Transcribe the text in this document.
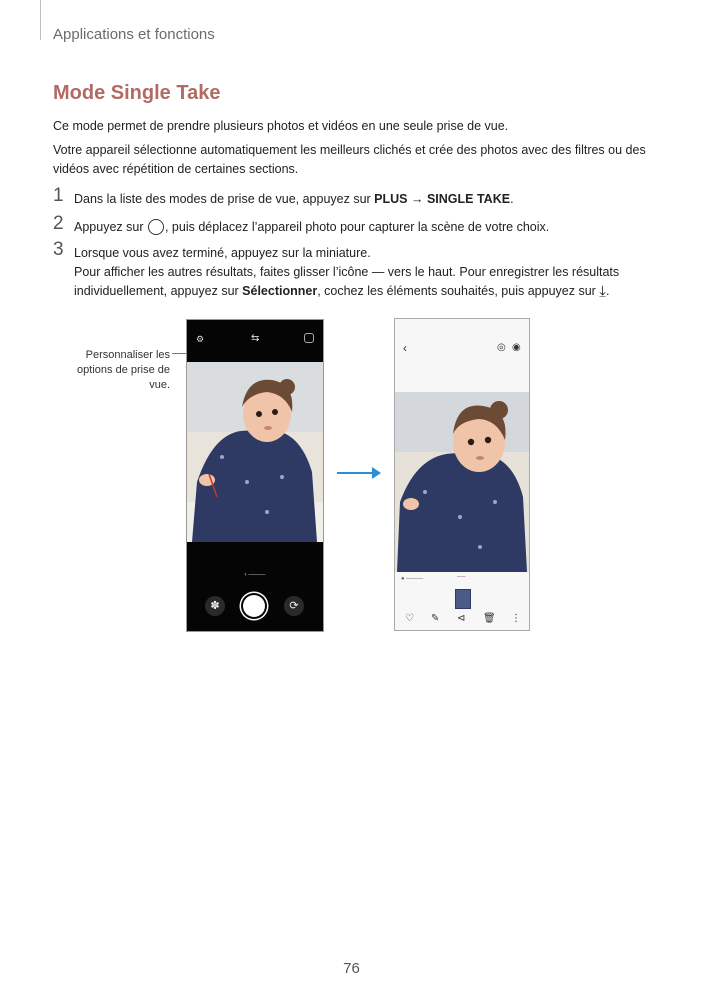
Applications et fonctions
Mode Single Take
Ce mode permet de prendre plusieurs photos et vidéos en une seule prise de vue.
Votre appareil sélectionne automatiquement les meilleurs clichés et crée des photos avec des filtres ou des vidéos avec répétition de certaines sections.
1 Dans la liste des modes de prise de vue, appuyez sur PLUS → SINGLE TAKE.
2 Appuyez sur , puis déplacez l’appareil photo pour capturer la scène de votre choix.
3 Lorsque vous avez terminé, appuyez sur la miniature.
Pour afficher les autres résultats, faites glisser l’icône — vers le haut. Pour enregistrer les résultats individuellement, appuyez sur Sélectionner, cochez les éléments souhaités, puis appuyez sur ⤓.
Personnaliser les options de prise de vue.
⚙	⇆
‹ ────
✽	⟳
‹	◎ ◉
● ────	──
♡ ✎ ⊲ 🗑 ⋮
76
